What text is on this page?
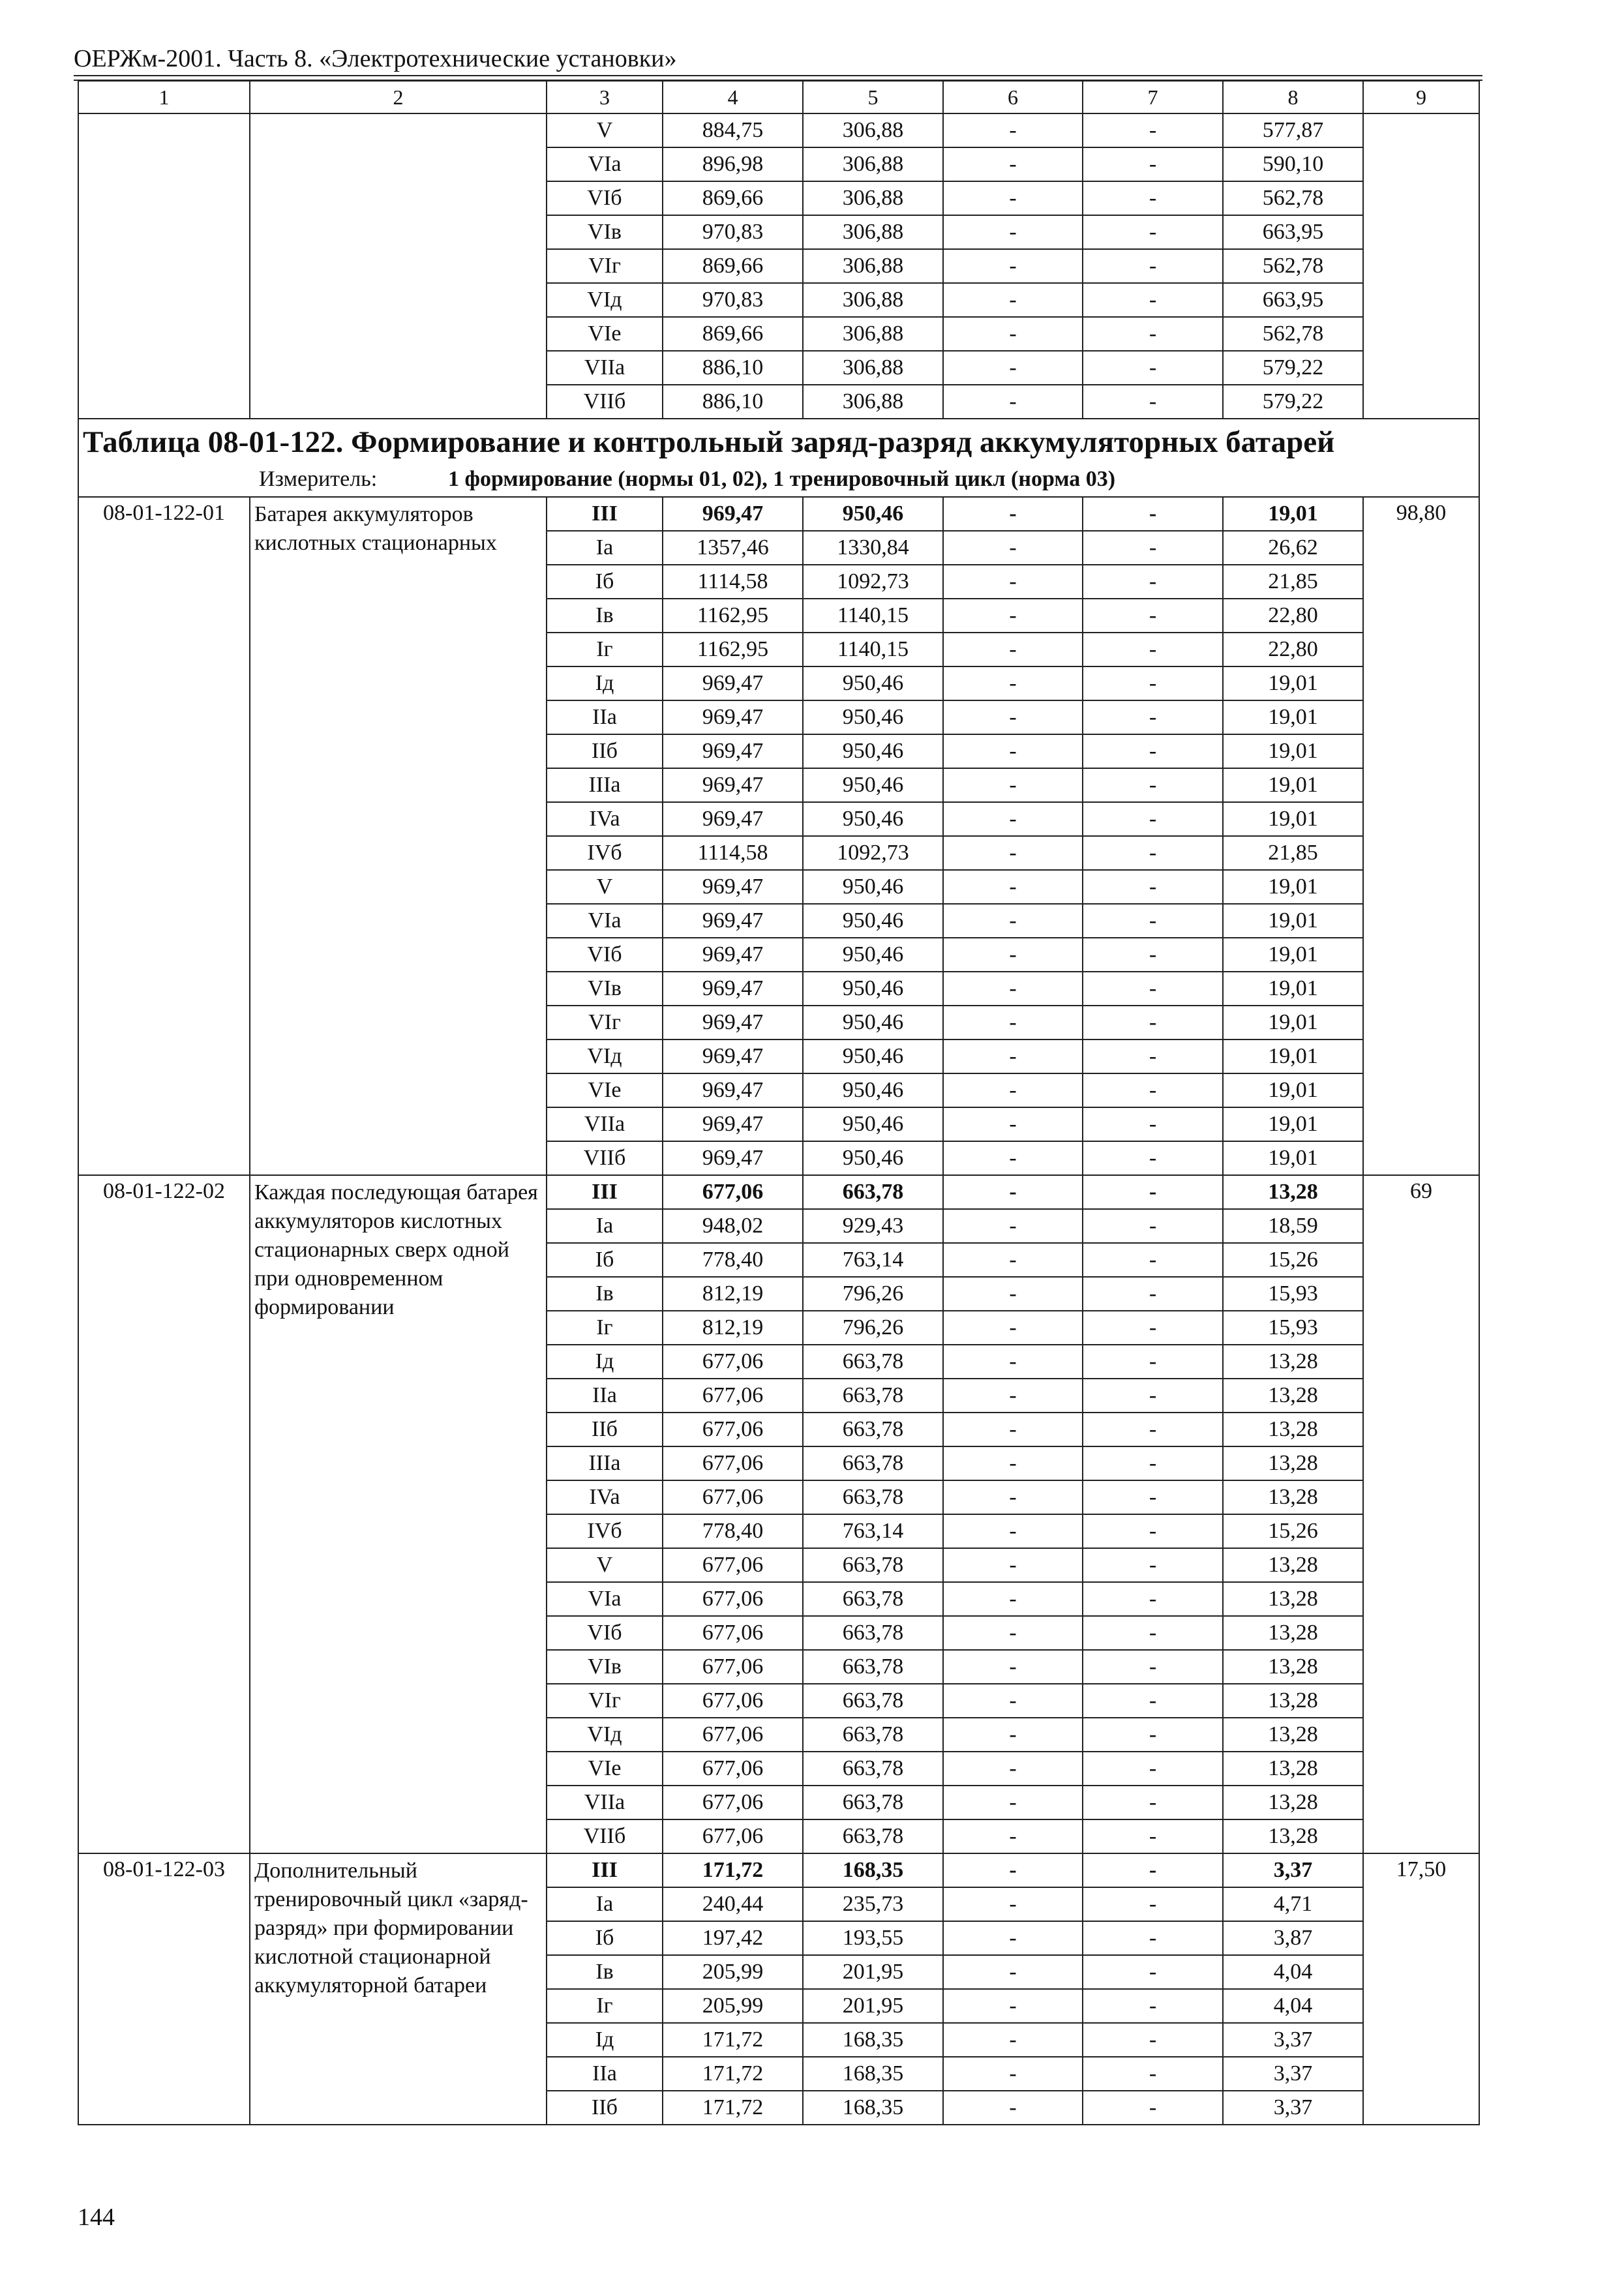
ОЕРЖм-2001. Часть 8. «Электротехнические установки»
1	2	3	4	5	6	7	8	9
		V	884,75	306,88	-	-	577,87	
		VIa	896,98	306,88	-	-	590,10	
		VIб	869,66	306,88	-	-	562,78	
		VIв	970,83	306,88	-	-	663,95	
		VIг	869,66	306,88	-	-	562,78	
		VIд	970,83	306,88	-	-	663,95	
		VIe	869,66	306,88	-	-	562,78	
		VIIa	886,10	306,88	-	-	579,22	
		VIIб	886,10	306,88	-	-	579,22	

Таблица 08-01-122. Формирование и контрольный заряд-разряд аккумуляторных батарей
Измеритель: 1 формирование (нормы 01, 02), 1 тренировочный цикл (норма 03)								

08-01-122-01	Батарея аккумуляторов кислотных стационарных	III	969,47	950,46	-	-	19,01	98,80
		Ia	1357,46	1330,84	-	-	26,62	
		Iб	1114,58	1092,73	-	-	21,85	
		Iв	1162,95	1140,15	-	-	22,80	
		Iг	1162,95	1140,15	-	-	22,80	
		Iд	969,47	950,46	-	-	19,01	
		IIa	969,47	950,46	-	-	19,01	
		IIб	969,47	950,46	-	-	19,01	
		IIIa	969,47	950,46	-	-	19,01	
		IVa	969,47	950,46	-	-	19,01	
		IVб	1114,58	1092,73	-	-	21,85	
		V	969,47	950,46	-	-	19,01	
		VIa	969,47	950,46	-	-	19,01	
		VIб	969,47	950,46	-	-	19,01	
		VIв	969,47	950,46	-	-	19,01	
		VIг	969,47	950,46	-	-	19,01	
		VIд	969,47	950,46	-	-	19,01	
		VIe	969,47	950,46	-	-	19,01	
		VIIa	969,47	950,46	-	-	19,01	
		VIIб	969,47	950,46	-	-	19,01	
08-01-122-02	Каждая последующая батарея аккумуляторов кислотных стационарных сверх одной при одновременном формировании	III	677,06	663,78	-	-	13,28	69
		Ia	948,02	929,43	-	-	18,59	
		Iб	778,40	763,14	-	-	15,26	
		Iв	812,19	796,26	-	-	15,93	
		Iг	812,19	796,26	-	-	15,93	
		Iд	677,06	663,78	-	-	13,28	
		IIa	677,06	663,78	-	-	13,28	
		IIб	677,06	663,78	-	-	13,28	
		IIIa	677,06	663,78	-	-	13,28	
		IVa	677,06	663,78	-	-	13,28	
		IVб	778,40	763,14	-	-	15,26	
		V	677,06	663,78	-	-	13,28	
		VIa	677,06	663,78	-	-	13,28	
		VIб	677,06	663,78	-	-	13,28	
		VIв	677,06	663,78	-	-	13,28	
		VIг	677,06	663,78	-	-	13,28	
		VIд	677,06	663,78	-	-	13,28	
		VIe	677,06	663,78	-	-	13,28	
		VIIa	677,06	663,78	-	-	13,28	
		VIIб	677,06	663,78	-	-	13,28	
08-01-122-03	Дополнительный тренировочный цикл «заряд-разряд» при формировании кислотной стационарной аккумуляторной батареи	III	171,72	168,35	-	-	3,37	17,50
		Ia	240,44	235,73	-	-	4,71	
		Iб	197,42	193,55	-	-	3,87	
		Iв	205,99	201,95	-	-	4,04	
		Iг	205,99	201,95	-	-	4,04	
		Iд	171,72	168,35	-	-	3,37	
		IIa	171,72	168,35	-	-	3,37	
		IIб	171,72	168,35	-	-	3,37	
144
